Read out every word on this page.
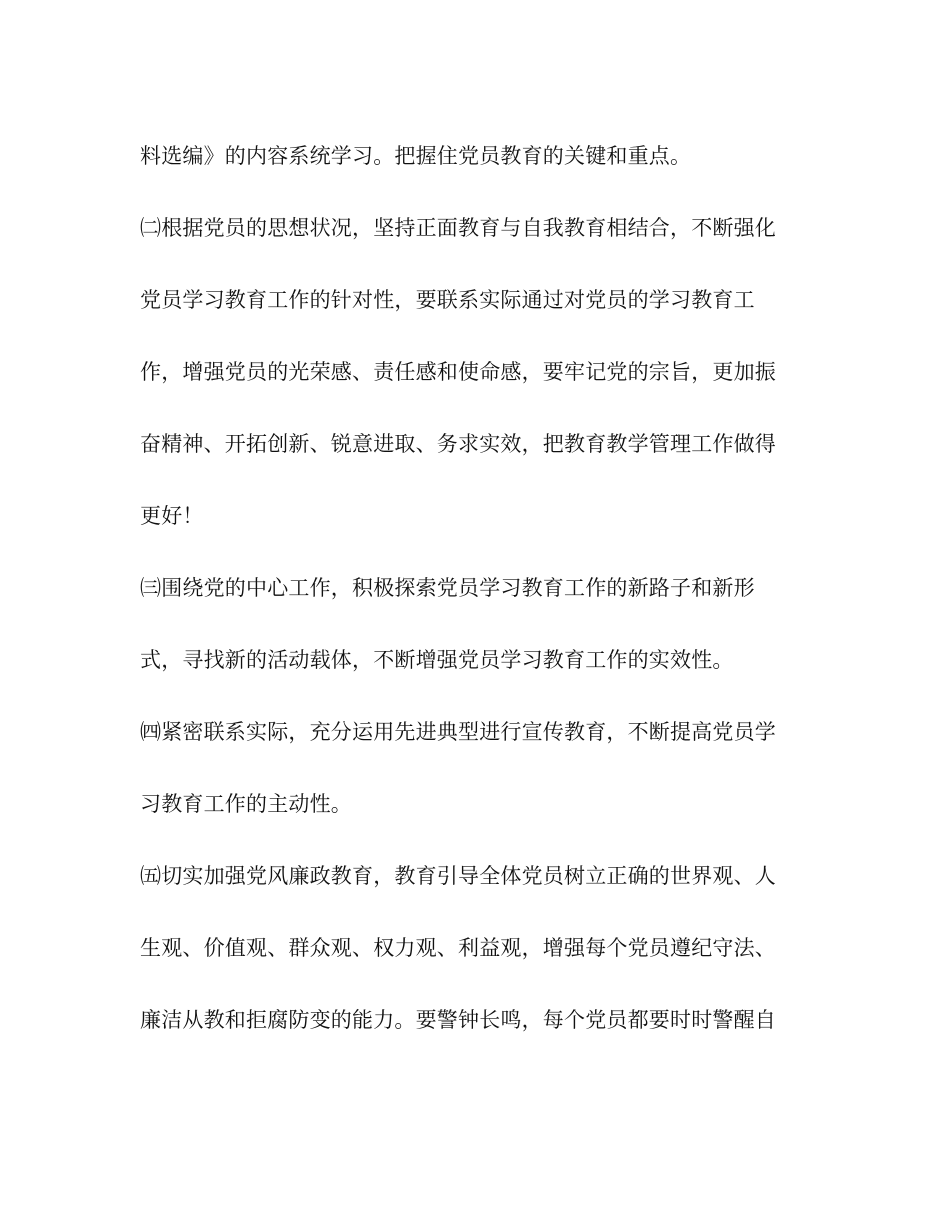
料选编》的内容系统学习。把握住党员教育的关键和重点。
㈡根据党员的思想状况，坚持正面教育与自我教育相结合，不断强化
党员学习教育工作的针对性，要联系实际通过对党员的学习教育工
作，增强党员的光荣感、责任感和使命感，要牢记党的宗旨，更加振
奋精神、开拓创新、锐意进取、务求实效，把教育教学管理工作做得
更好！
㈢围绕党的中心工作，积极探索党员学习教育工作的新路子和新形
式，寻找新的活动载体，不断增强党员学习教育工作的实效性。
㈣紧密联系实际，充分运用先进典型进行宣传教育，不断提高党员学
习教育工作的主动性。
㈤切实加强党风廉政教育，教育引导全体党员树立正确的世界观、人
生观、价值观、群众观、权力观、利益观，增强每个党员遵纪守法、
廉洁从教和拒腐防变的能力。要警钟长鸣，每个党员都要时时警醒自
